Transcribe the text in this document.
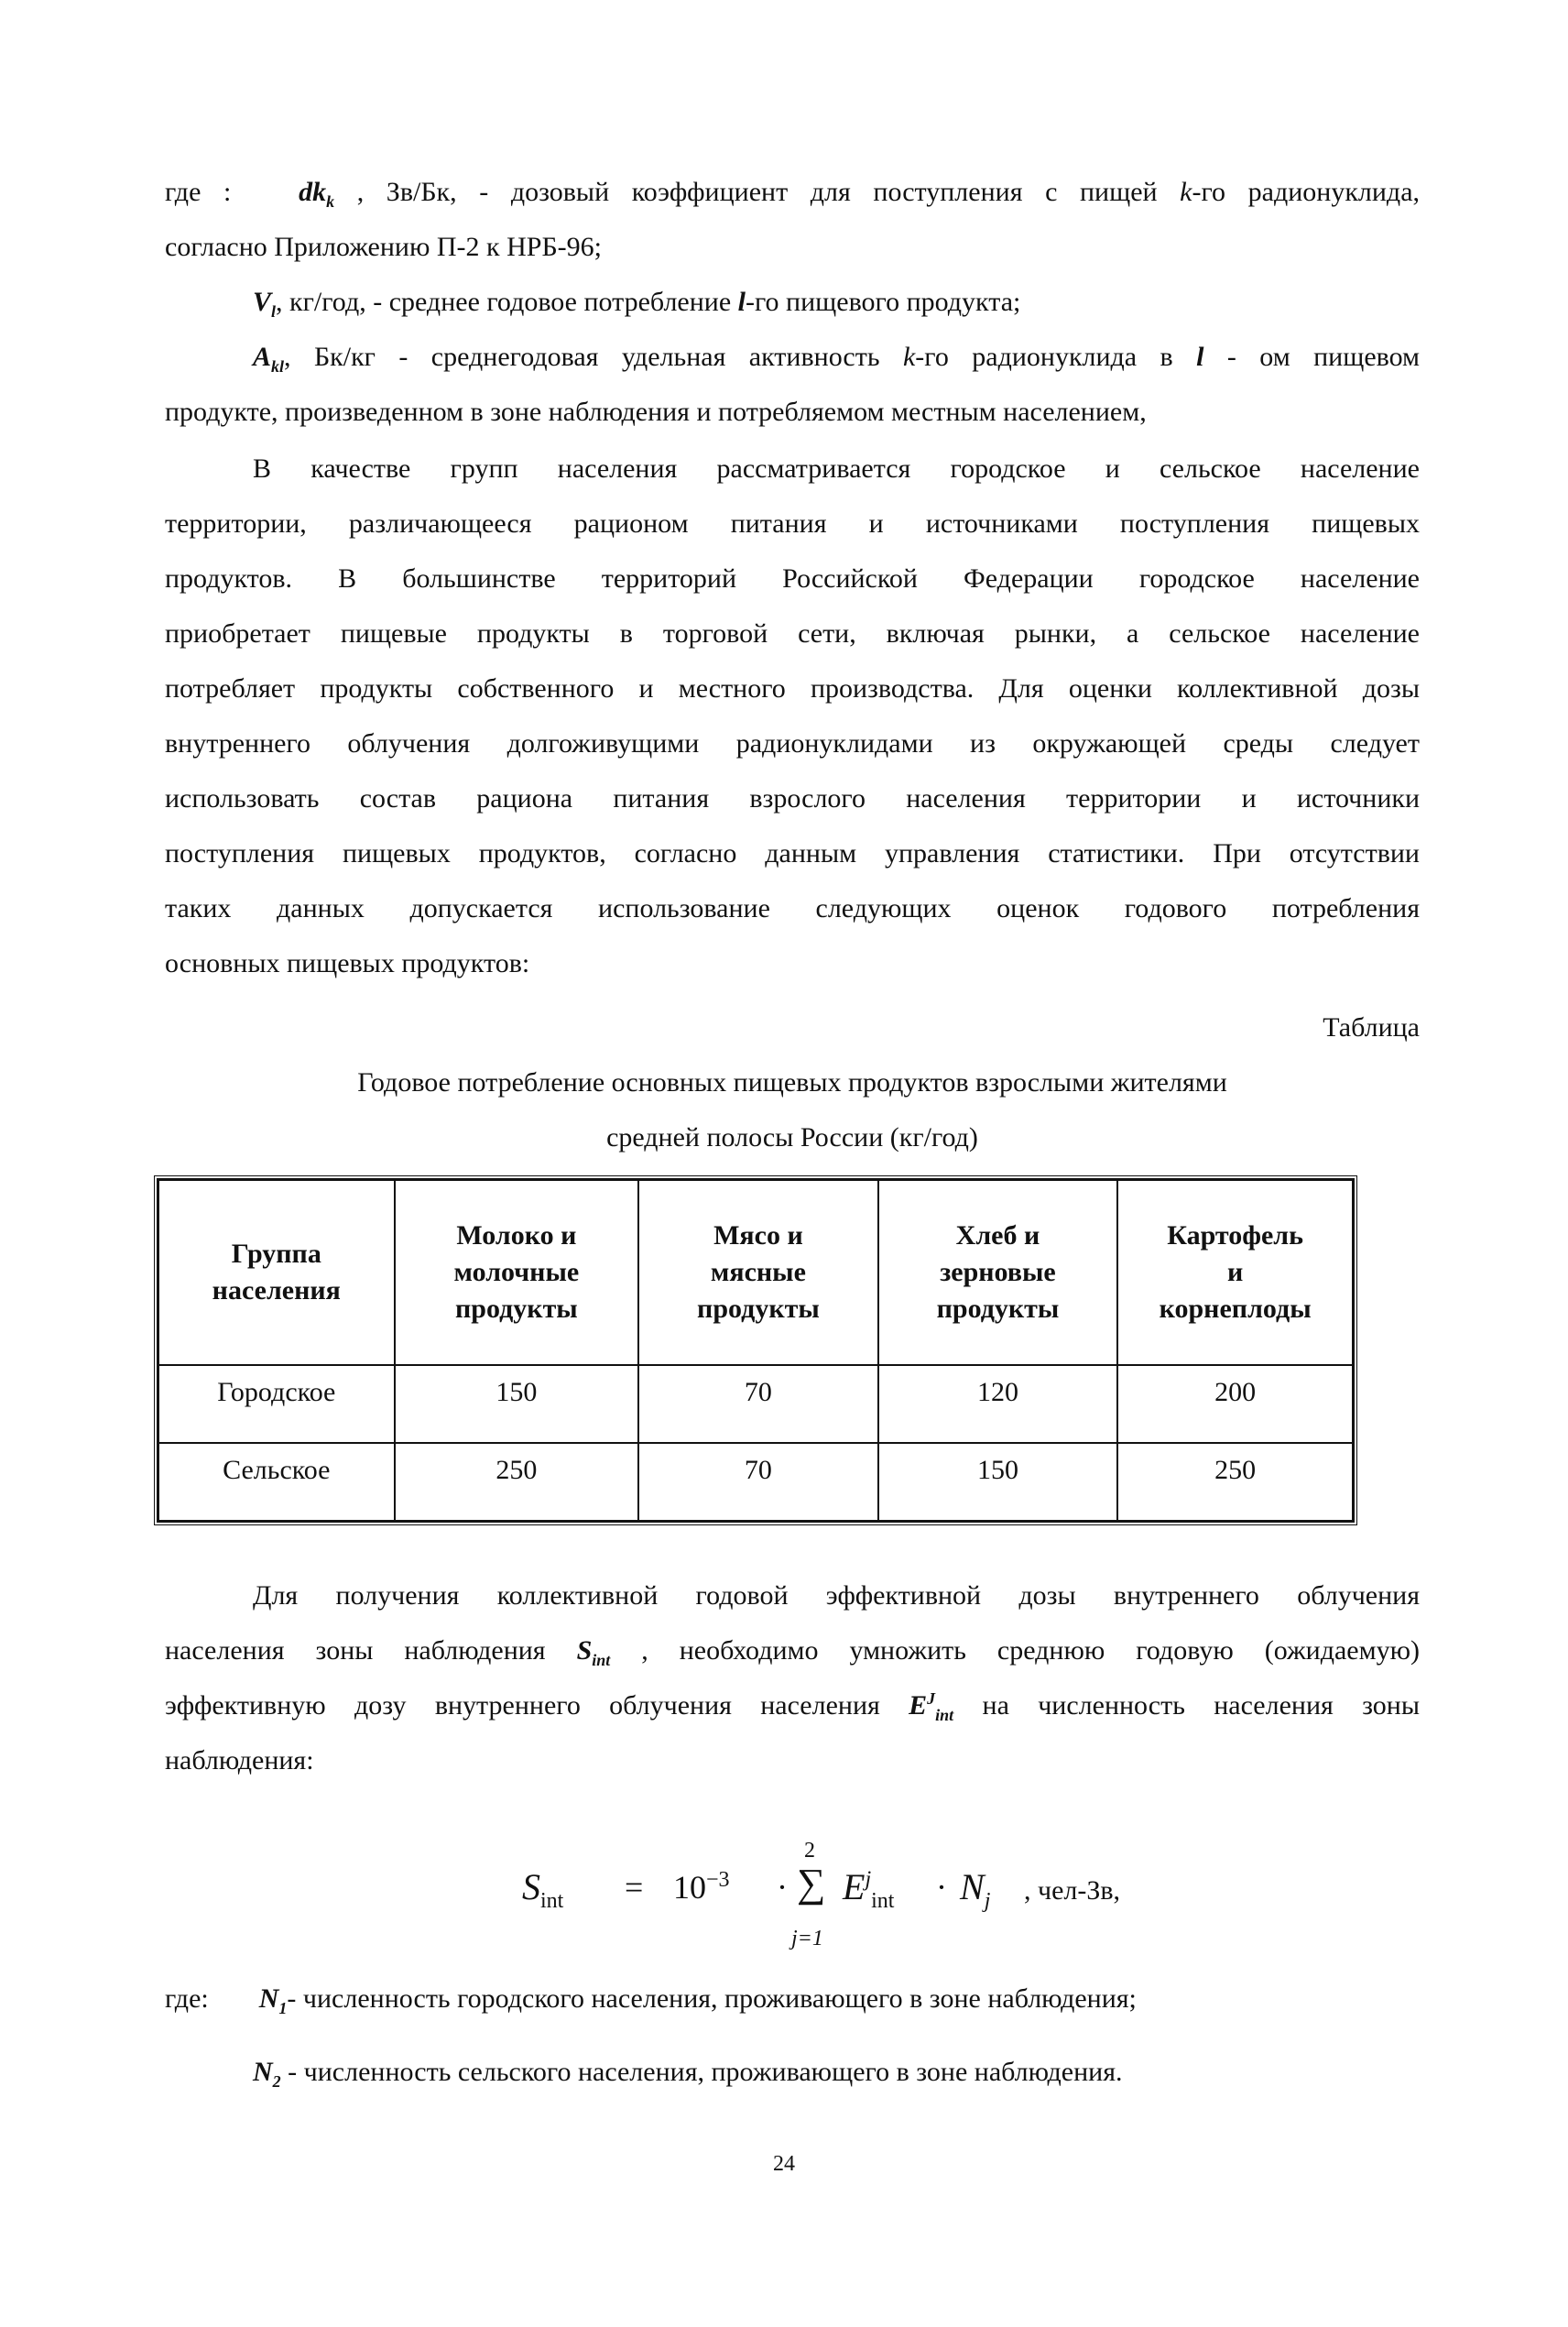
где : $dk_k$ , Зв/Бк, - дозовый коэффициент для поступления с пищей k-го радионуклида,
согласно Приложению П-2 к НРБ-96;
$V_l$, кг/год, - среднее годовое потребление l-го пищевого продукта;
$A_{kl}$, Бк/кг - среднегодовая удельная активность k-го радионуклида в l - ом пищевом
продукте, произведенном в зоне наблюдения и потребляемом местным населением,
В качестве групп населения рассматривается городское и сельское население
территории, различающееся рационом питания и источниками поступления пищевых
продуктов. В большинстве территорий Российской Федерации городское население
приобретает пищевые продукты в торговой сети, включая рынки, а сельское население
потребляет продукты собственного и местного производства. Для оценки коллективной дозы
внутреннего облучения долгоживущими радионуклидами из окружающей среды следует
использовать состав рациона питания взрослого населения территории и источники
поступления пищевых продуктов, согласно данным управления статистики. При отсутствии
таких данных допускается использование следующих оценок годового потребления
основных пищевых продуктов:
Таблица
Годовое потребление основных пищевых продуктов взрослыми жителями
средней полосы России (кг/год)
Группа
населения	Молоко и
молочные
продукты	Мясо и
мясные
продукты	Хлеб и
зерновые
продукты	Картофель
и
корнеплоды

Городское	150	70	120	200

Сельское	250	70	150	250
Для получения коллективной годовой эффективной дозы внутреннего облучения
населения зоны наблюдения $S_{int}$ , необходимо умножить среднюю годовую (ожидаемую)
эффективную дозу внутреннего облучения населения $E^J_{int}$ на численность населения зоны
наблюдения:
$S_{int} = 10^{-3}$ ·
2
∑
j=1
$E^j_{int} \cdot N_j$ , чел-Зв,
где: $N_1-$ численность городского населения, проживающего в зоне наблюдения;
$N_2$ - численность сельского населения, проживающего в зоне наблюдения.
24
